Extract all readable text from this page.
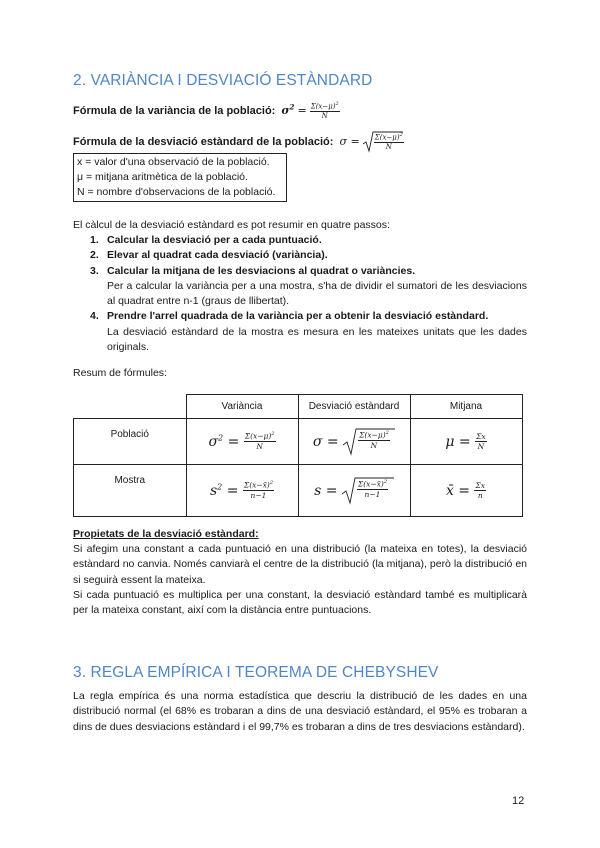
2. VARIÀNCIA I DESVIACIÓ ESTÀNDARD
Fórmula de la variància de la població: $\sigma^2 = \frac{\Sigma(x-\mu)^2}{N}$
Fórmula de la desviació estàndard de la població: $\sigma = \frac{\Sigma(x-\mu)^2}{N}$
x = valor d'una observació de la població.
μ = mitjana aritmètica de la població.
N = nombre d'observacions de la població.
El càlcul de la desviació estàndard es pot resumir en quatre passos:
1. Calcular la desviació per a cada puntuació.
2. Elevar al quadrat cada desviació (variància).
3. Calcular la mitjana de les desviacions al quadrat o variàncies.
Per a calcular la variància per a una mostra, s'ha de dividir el sumatori de les desviacions al quadrat entre n-1 (graus de llibertat).
4. Prendre l'arrel quadrada de la variància per a obtenir la desviació estàndard.
La desviació estàndard de la mostra es mesura en les mateixes unitats que les dades originals.
Resum de fórmules:
	Variància	Desviació estàndard	Mitjana
Població	$\sigma^2 = \frac{\Sigma(x-\mu)^2}{N}$	$\sigma = \frac{\Sigma(x-\mu)^2}{N}$	$\mu = \frac{\Sigma x}{N}$

Mostra	$s^2 = \frac{\Sigma(x-x̄)^2}{n-1}$	$s = \frac{\Sigma(x-x̄)^2}{n-1}$	x̄ = $\frac{\Sigma x}{n}$
Propietats de la desviació estàndard:
Si afegim una constant a cada puntuació en una distribució (la mateixa en totes), la desviació estàndard no canvia. Només canviarà el centre de la distribució (la mitjana), però la distribució en si seguirà essent la mateixa.
Si cada puntuació es multiplica per una constant, la desviació estàndard també es multiplicarà per la mateixa constant, així com la distància entre puntuacions.
3. REGLA EMPÍRICA I TEOREMA DE CHEBYSHEV
La regla empírica és una norma estadística que descriu la distribució de les dades en una distribució normal (el 68% es trobaran a dins de una desviació estàndard, el 95% es trobaran a dins de dues desviacions estàndard i el 99,7% es trobaran a dins de tres desviacions estàndard).
12
